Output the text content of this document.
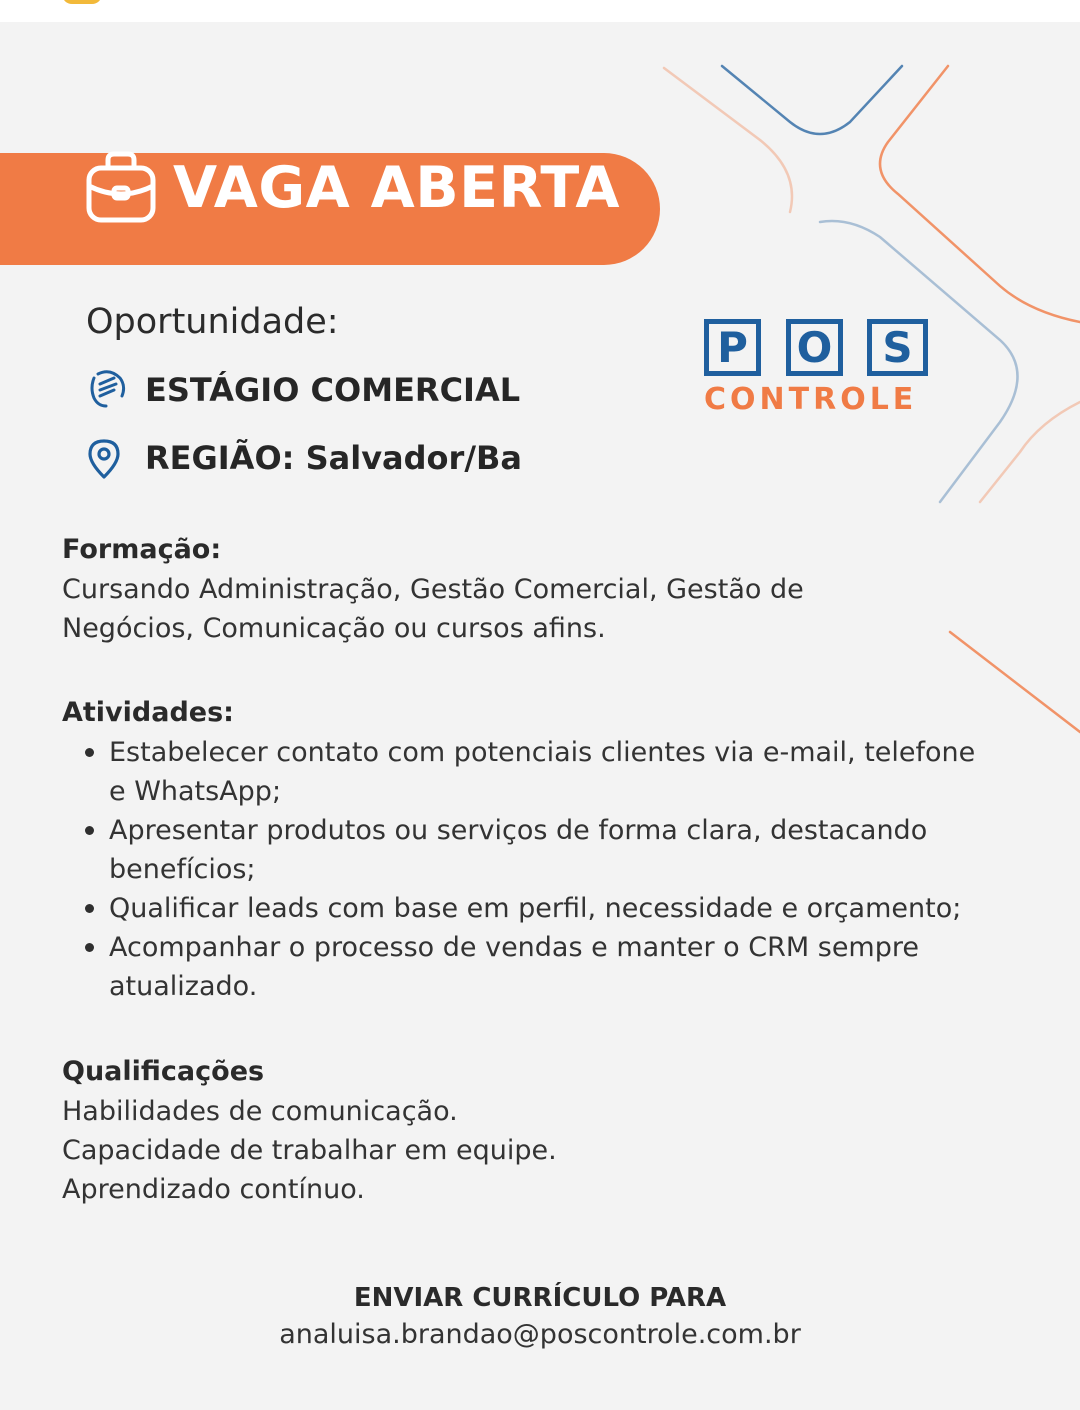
VAGA ABERTA
Oportunidade:
ESTÁGIO COMERCIAL
REGIÃO: Salvador/Ba
P	O	S
CONTROLE
Formação:
Cursando Administração, Gestão Comercial, Gestão de
Negócios, Comunicação ou cursos afins.
Atividades:
Estabelecer contato com potenciais clientes via e-mail, telefone
e WhatsApp;
Apresentar produtos ou serviços de forma clara, destacando
benefícios;
Qualificar leads com base em perfil, necessidade e orçamento;
Acompanhar o processo de vendas e manter o CRM sempre
atualizado.
Qualificações
Habilidades de comunicação.
Capacidade de trabalhar em equipe.
Aprendizado contínuo.
ENVIAR CURRÍCULO PARA
analuisa.brandao@poscontrole.com.br
